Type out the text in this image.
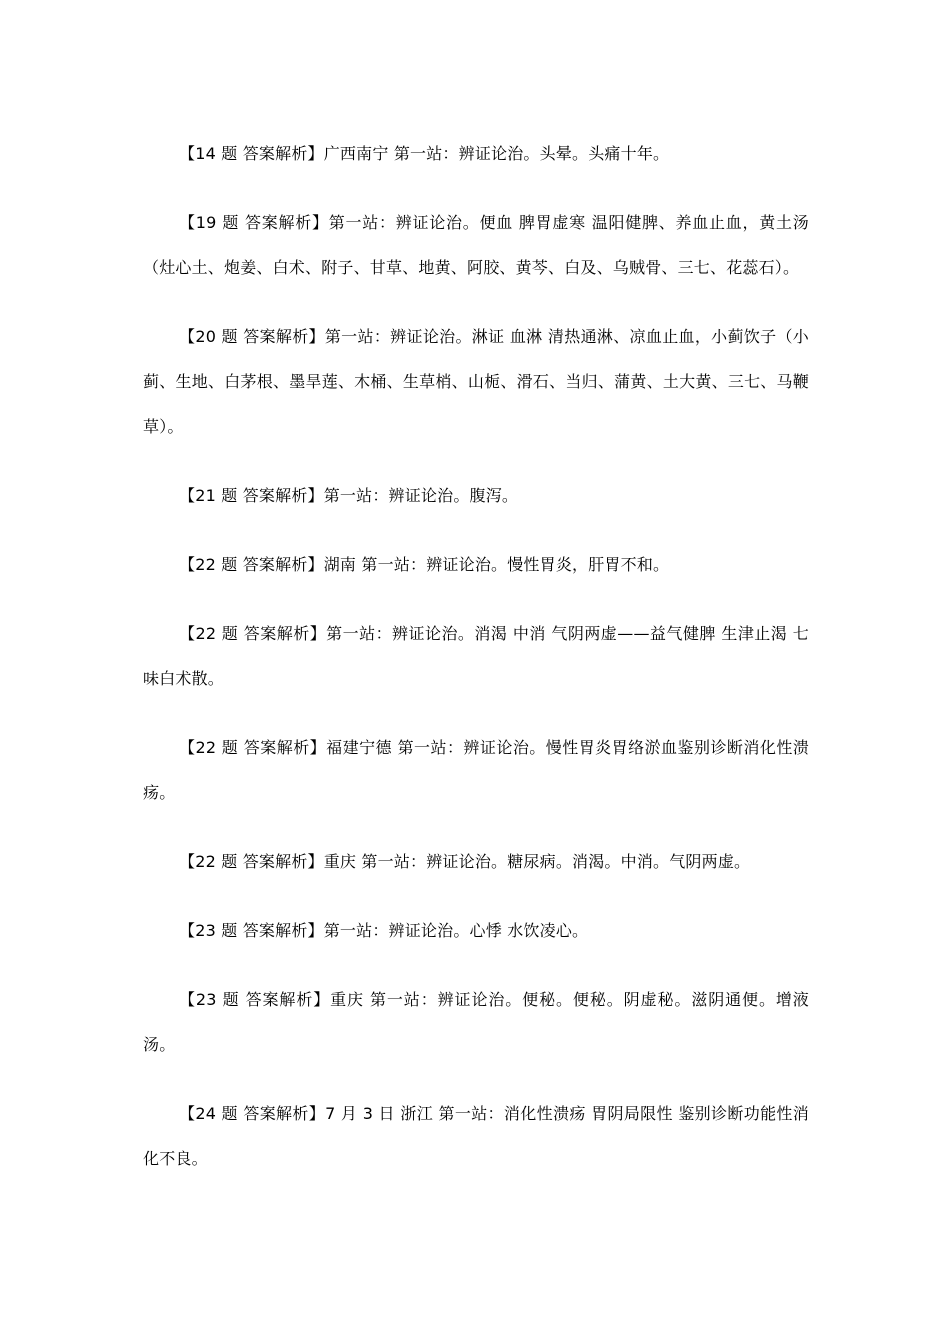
【14 题 答案解析】广西南宁 第一站：辨证论治。头晕。头痛十年。

【19 题 答案解析】第一站：辨证论治。便血 脾胃虚寒 温阳健脾、养血止血，黄土汤（灶心土、炮姜、白术、附子、甘草、地黄、阿胶、黄芩、白及、乌贼骨、三七、花蕊石）。

【20 题 答案解析】第一站：辨证论治。淋证 血淋 清热通淋、凉血止血，小蓟饮子（小蓟、生地、白茅根、墨旱莲、木桶、生草梢、山栀、滑石、当归、蒲黄、土大黄、三七、马鞭草）。

【21 题 答案解析】第一站：辨证论治。腹泻。

【22 题 答案解析】湖南 第一站：辨证论治。慢性胃炎，肝胃不和。

【22 题 答案解析】第一站：辨证论治。消渴 中消 气阴两虚——益气健脾 生津止渴 七味白术散。

【22 题 答案解析】福建宁德 第一站：辨证论治。慢性胃炎胃络淤血鉴别诊断消化性溃疡。

【22 题 答案解析】重庆 第一站：辨证论治。糖尿病。消渴。中消。气阴两虚。

【23 题 答案解析】第一站：辨证论治。心悸 水饮凌心。

【23 题 答案解析】重庆 第一站：辨证论治。便秘。便秘。阴虚秘。滋阴通便。增液汤。

【24 题 答案解析】7 月 3 日 浙江 第一站：消化性溃疡 胃阴局限性 鉴别诊断功能性消化不良。
